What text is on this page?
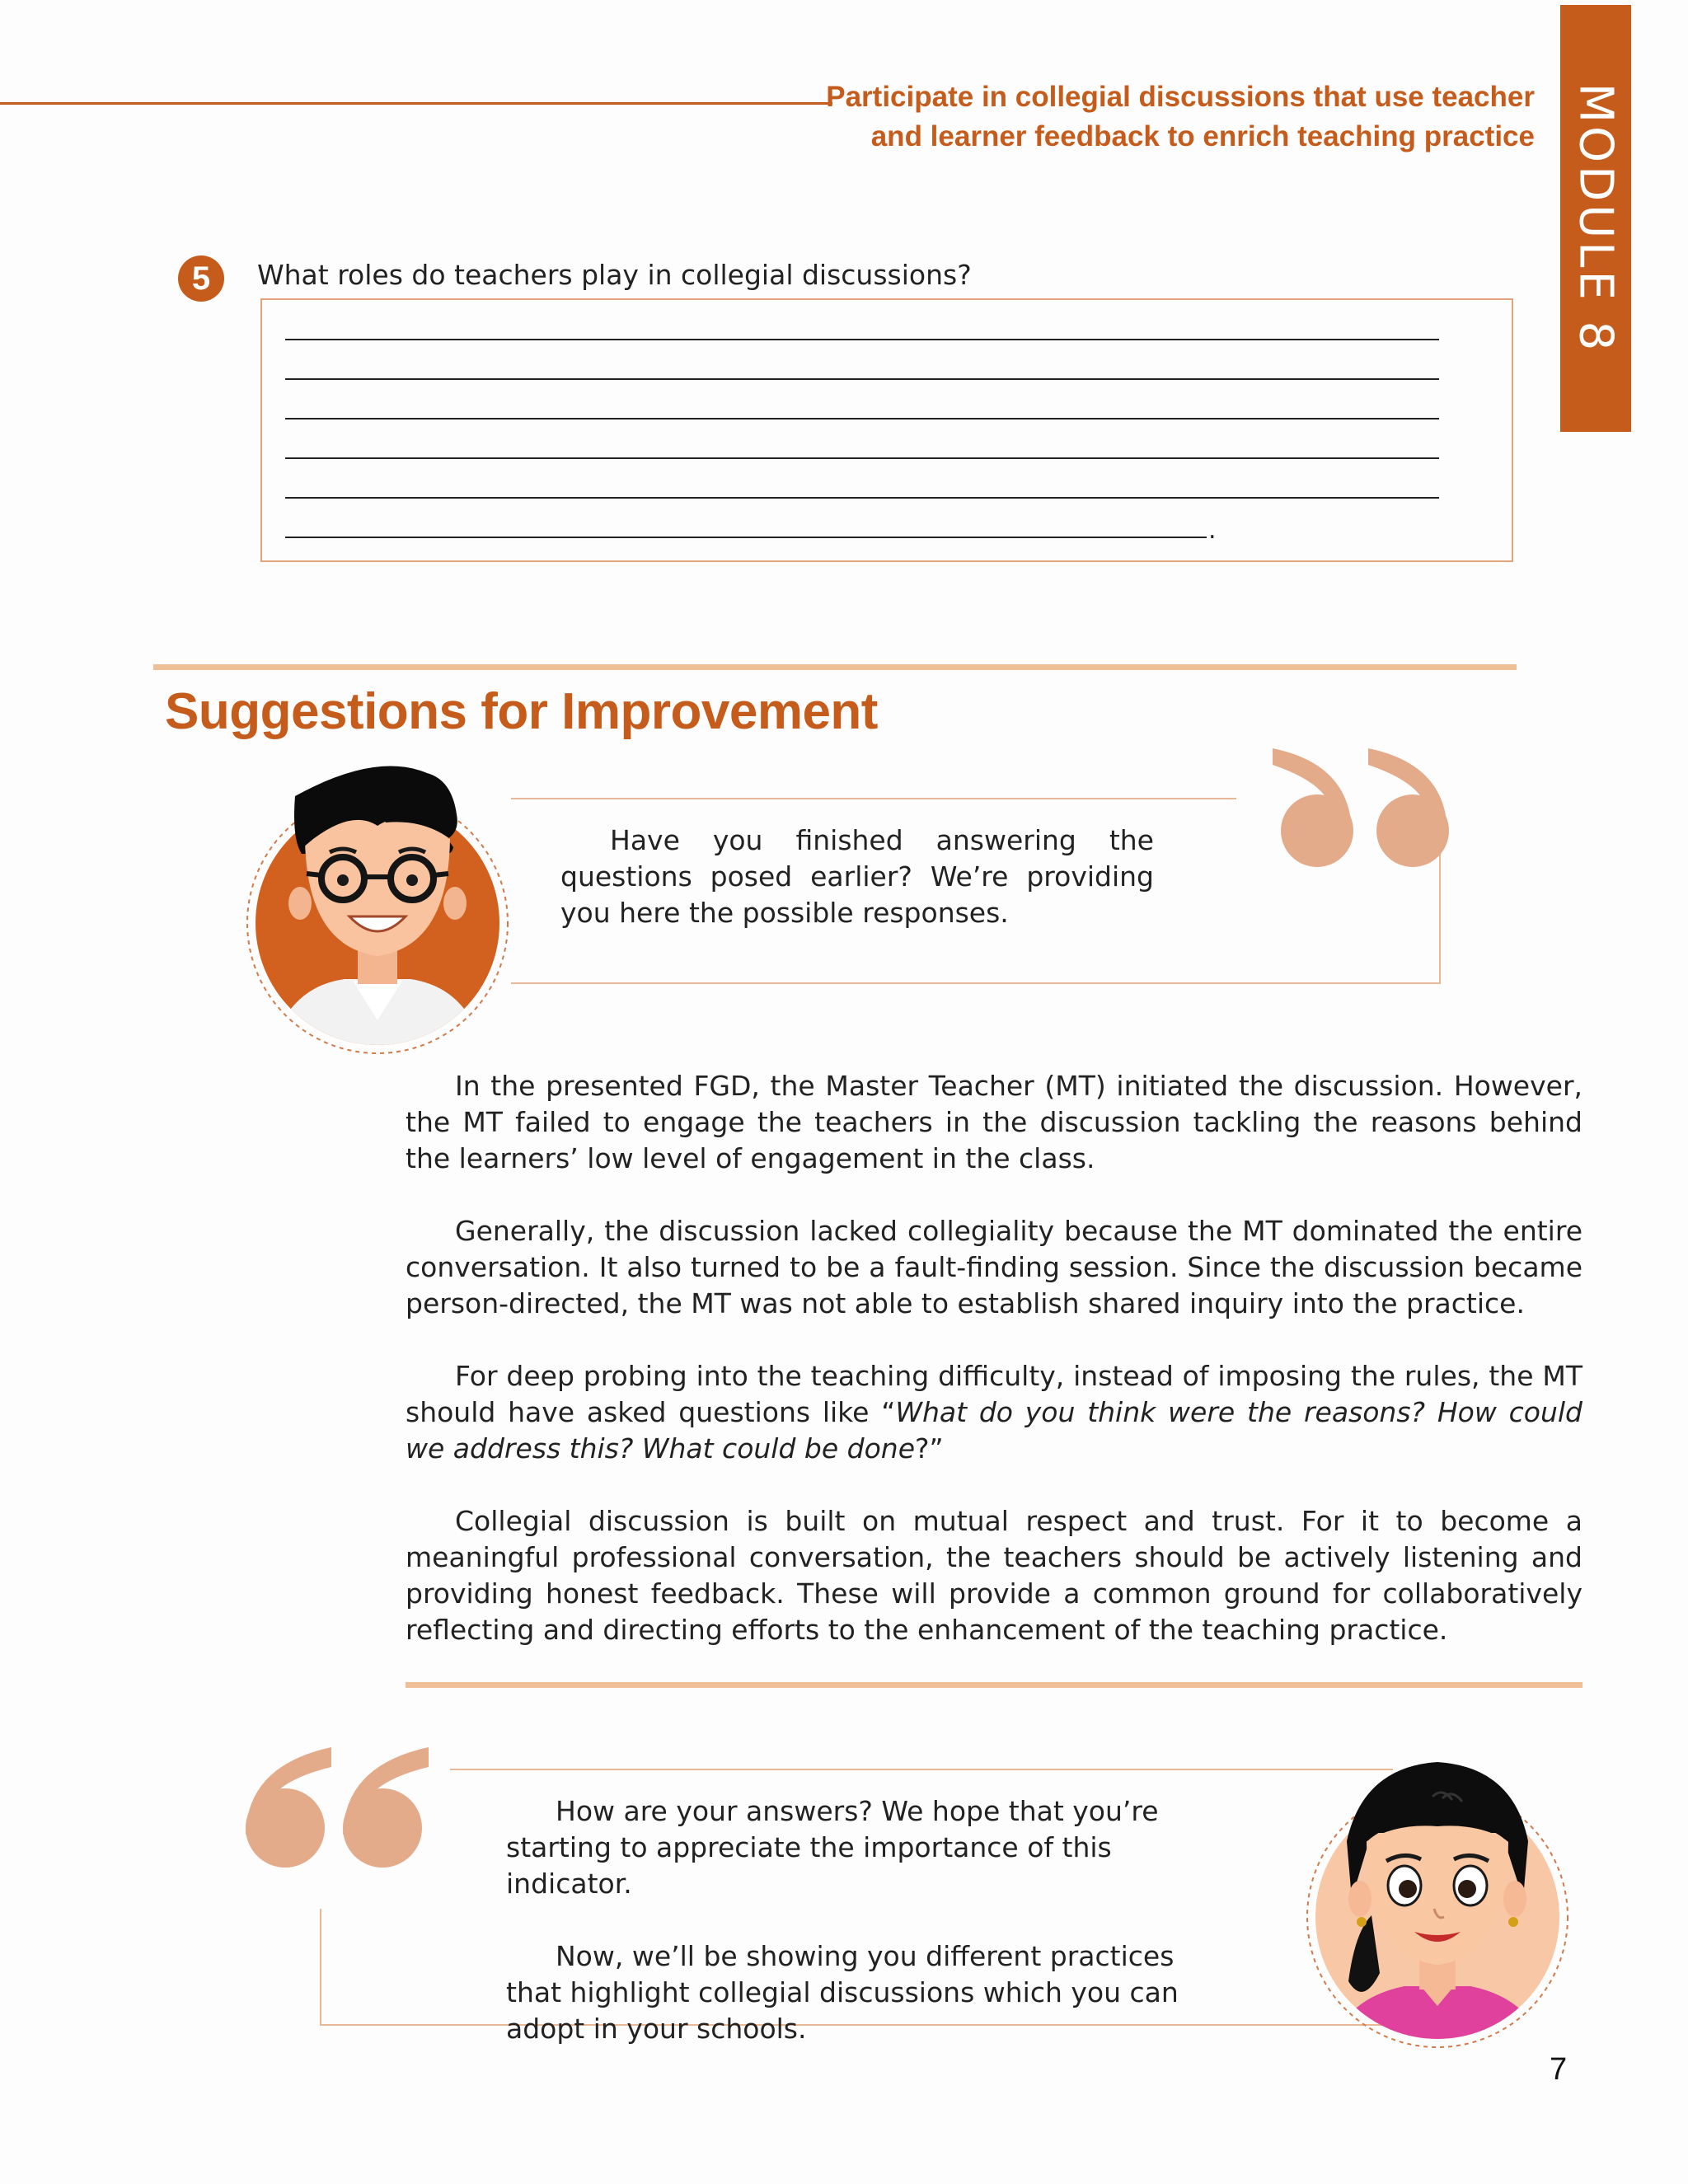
Participate in collegial discussions that use teacher
and learner feedback to enrich teaching practice MODULE 8
5	What roles do teachers play in collegial discussions?
.
Suggestions for Improvement
Have you finished answering the questions posed earlier? We’re providing you here the possible responses.

In the presented FGD, the Master Teacher (MT) initiated the discussion. However, the MT failed to engage the teachers in the discussion tackling the reasons behind the learners’ low level of engagement in the class.

Generally, the discussion lacked collegiality because the MT dominated the entire conversation. It also turned to be a fault-finding session. Since the discussion became person-directed, the MT was not able to establish shared inquiry into the practice.

For deep probing into the teaching difficulty, instead of imposing the rules, the MT should have asked questions like “What do you think were the reasons? How could we address this? What could be done?”

Collegial discussion is built on mutual respect and trust. For it to become a meaningful professional conversation, the teachers should be actively listening and providing honest feedback. These will provide a common ground for collaboratively reflecting and directing efforts to the enhancement of the teaching practice.

How are your answers? We hope that you’re starting to appreciate the importance of this indicator.

Now, we’ll be showing you different practices that highlight collegial discussions which you can adopt in your schools.

7
